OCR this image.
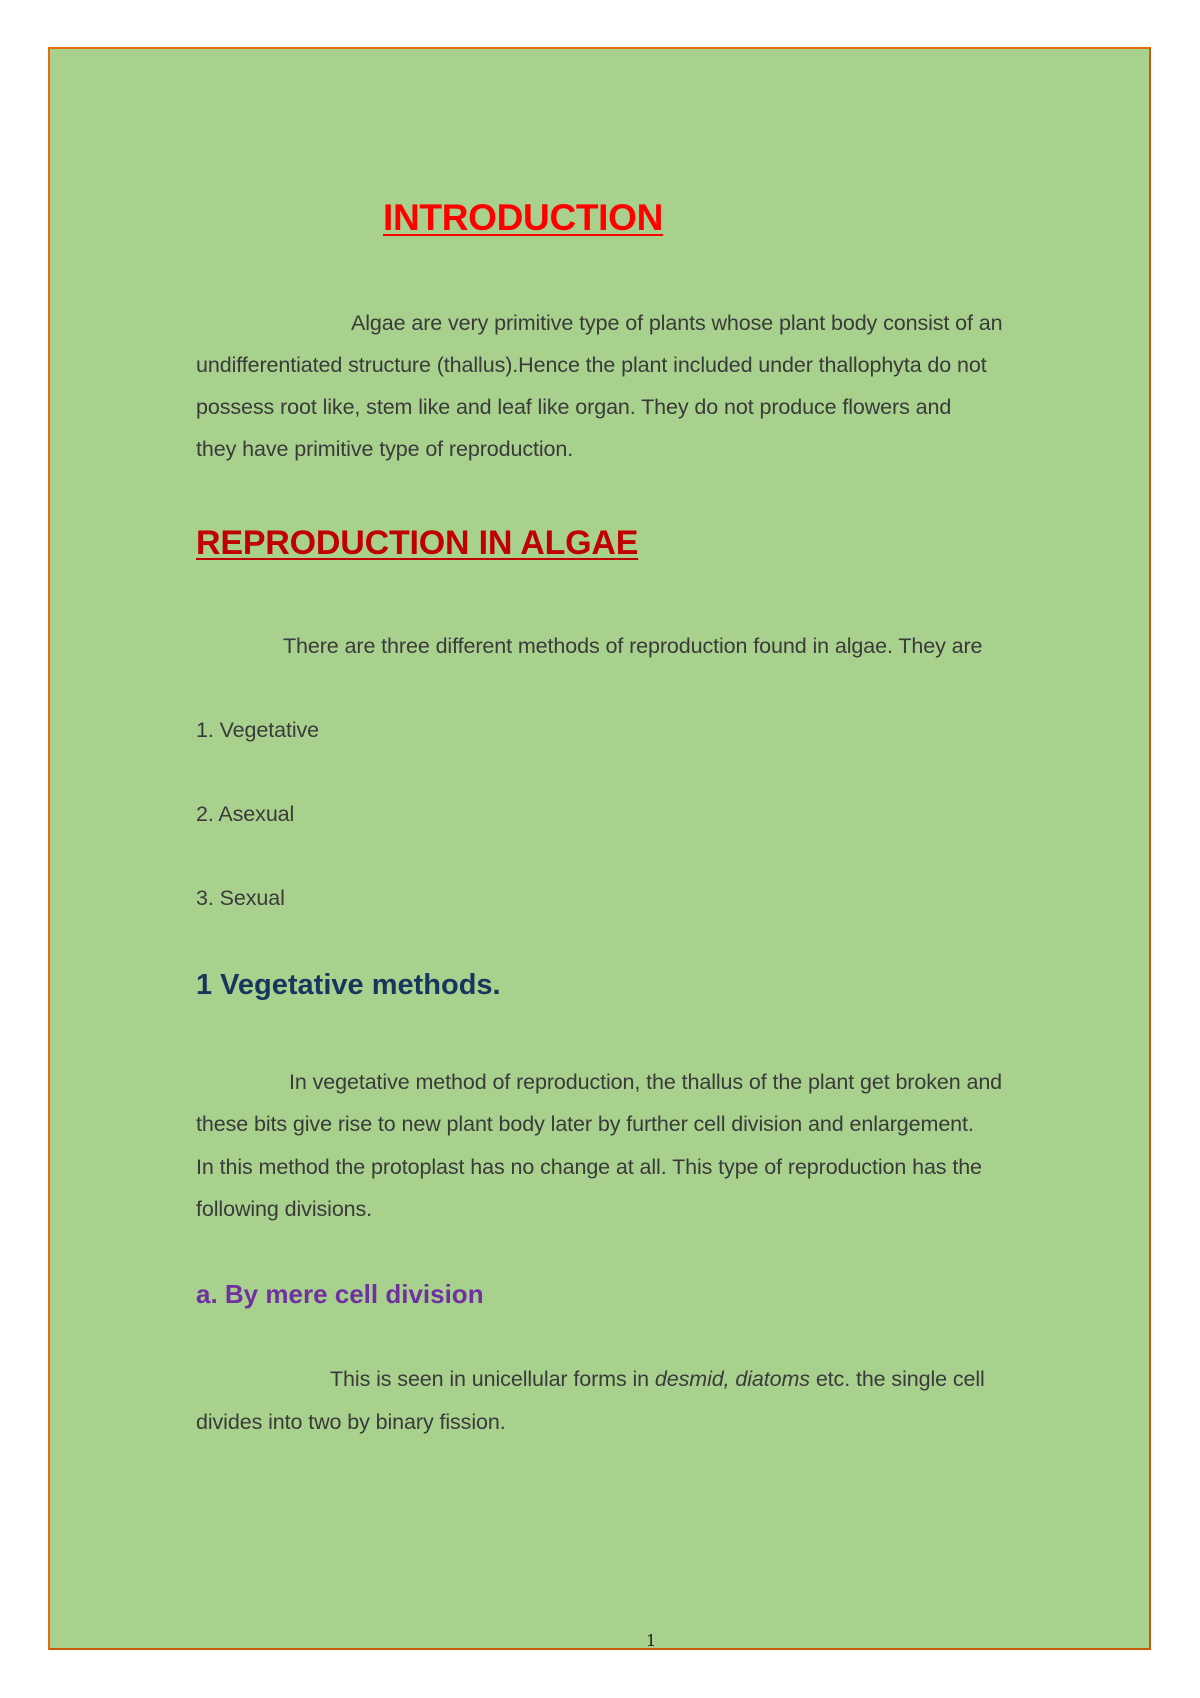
INTRODUCTION

Algae are very primitive type of plants whose plant body consist of an

undifferentiated structure (thallus).Hence the plant included under thallophyta do not

possess root like, stem like and leaf like organ. They do not produce flowers and

they have primitive type of reproduction.

REPRODUCTION IN ALGAE

There are three different methods of reproduction found in algae. They are

1. Vegetative

2. Asexual

3. Sexual

1 Vegetative methods.

In vegetative method of reproduction, the thallus of the plant get broken and

these bits give rise to new plant body later by further cell division and enlargement.

In this method the protoplast has no change at all. This type of reproduction has the

following divisions.

a. By mere cell division

This is seen in unicellular forms in desmid, diatoms etc. the single cell

divides into two by binary fission.

1
